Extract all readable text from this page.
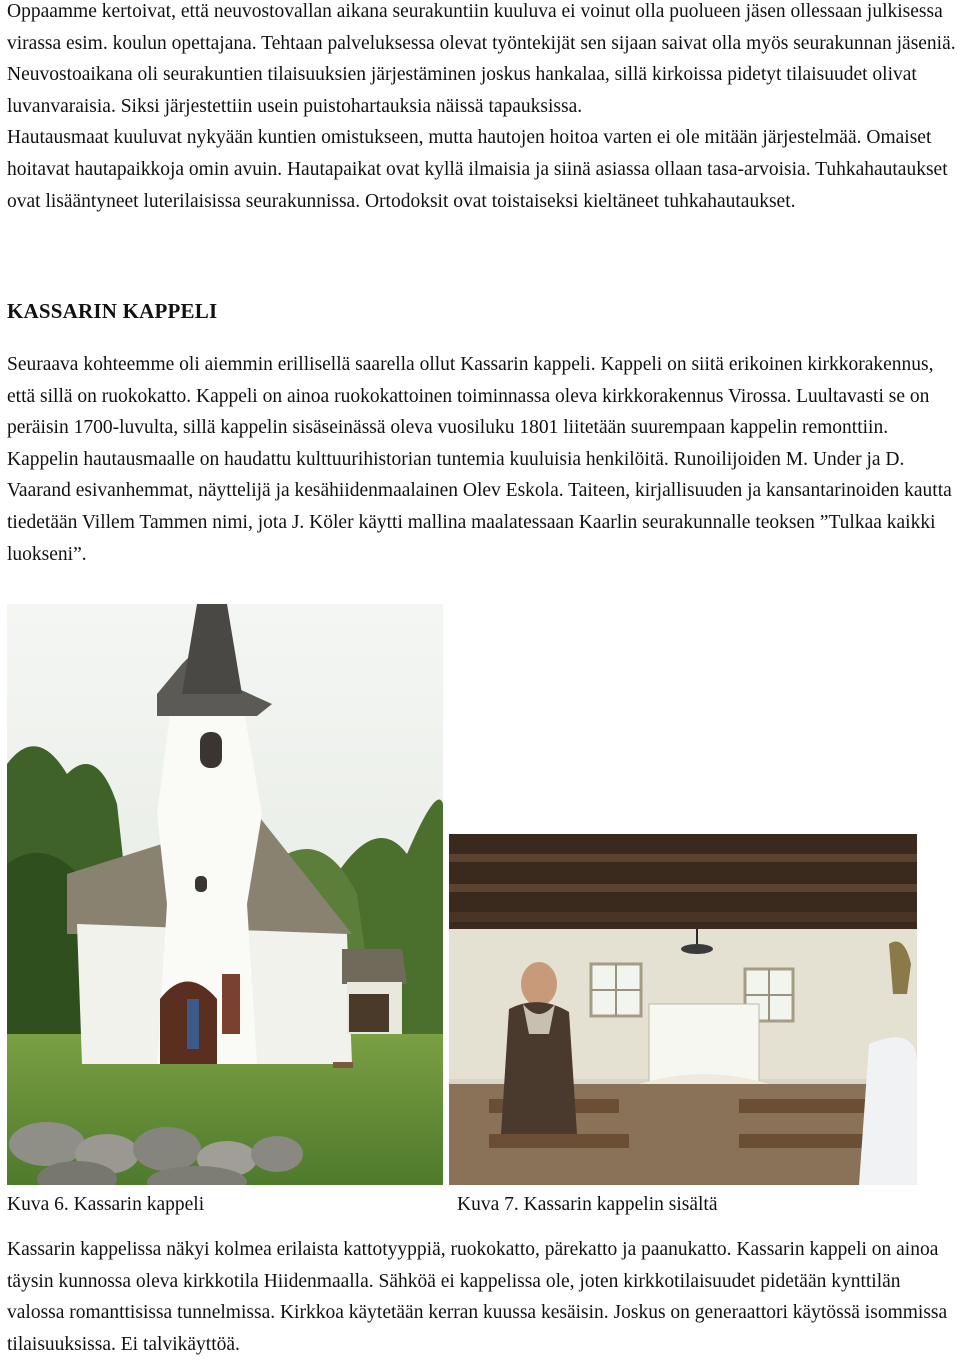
Oppaamme kertoivat, että neuvostovallan aikana seurakuntiin kuuluva ei voinut olla puolueen jäsen ollessaan julkisessa virassa esim. koulun opettajana. Tehtaan palveluksessa olevat työntekijät sen sijaan saivat olla myös seurakunnan jäseniä. Neuvostoaikana oli seurakuntien tilaisuuksien järjestäminen joskus hankalaa, sillä kirkoissa pidetyt tilaisuudet olivat luvanvaraisia. Siksi järjestettiin usein puistohartauksia näissä tapauksissa.

Hautausmaat kuuluvat nykyään kuntien omistukseen, mutta hautojen hoitoa varten ei ole mitään järjestelmää. Omaiset hoitavat hautapaikkoja omin avuin. Hautapaikat ovat kyllä ilmaisia ja siinä asiassa ollaan tasa-arvoisia. Tuhkahautaukset ovat lisääntyneet luterilaisissa seurakunnissa. Ortodoksit ovat toistaiseksi kieltäneet tuhkahautaukset.

KASSARIN KAPPELI

Seuraava kohteemme oli aiemmin erillisellä saarella ollut Kassarin kappeli. Kappeli on siitä erikoinen kirkkorakennus, että sillä on ruokokatto. Kappeli on ainoa ruokokattoinen toiminnassa oleva kirkkorakennus Virossa. Luultavasti se on peräisin 1700-luvulta, sillä kappelin sisäseinässä oleva vuosiluku 1801 liitetään suurempaan kappelin remonttiin. Kappelin hautausmaalle on haudattu kulttuurihistorian tuntemia kuuluisia henkilöitä. Runoilijoiden M. Under ja D. Vaarand esivanhemmat, näyttelijä ja kesähiidenmaalainen Olev Eskola. Taiteen, kirjallisuuden ja kansantarinoiden kautta tiedetään Villem Tammen nimi, jota J. Köler käytti mallina maalatessaan Kaarlin seurakunnalle teoksen ”Tulkaa kaikki luokseni”.

Kuva 6. Kassarin kappeli	Kuva 7. Kassarin kappelin sisältä

Kassarin kappelissa näkyi kolmea erilaista kattotyyppiä, ruokokatto, pärekatto ja paanukatto. Kassarin kappeli on ainoa täysin kunnossa oleva kirkkotila Hiidenmaalla. Sähköä ei kappelissa ole, joten kirkkotilaisuudet pidetään kynttilän valossa romanttisissa tunnelmissa. Kirkkoa käytetään kerran kuussa kesäisin. Joskus on generaattori käytössä isommissa tilaisuuksissa. Ei talvikäyttöä.
